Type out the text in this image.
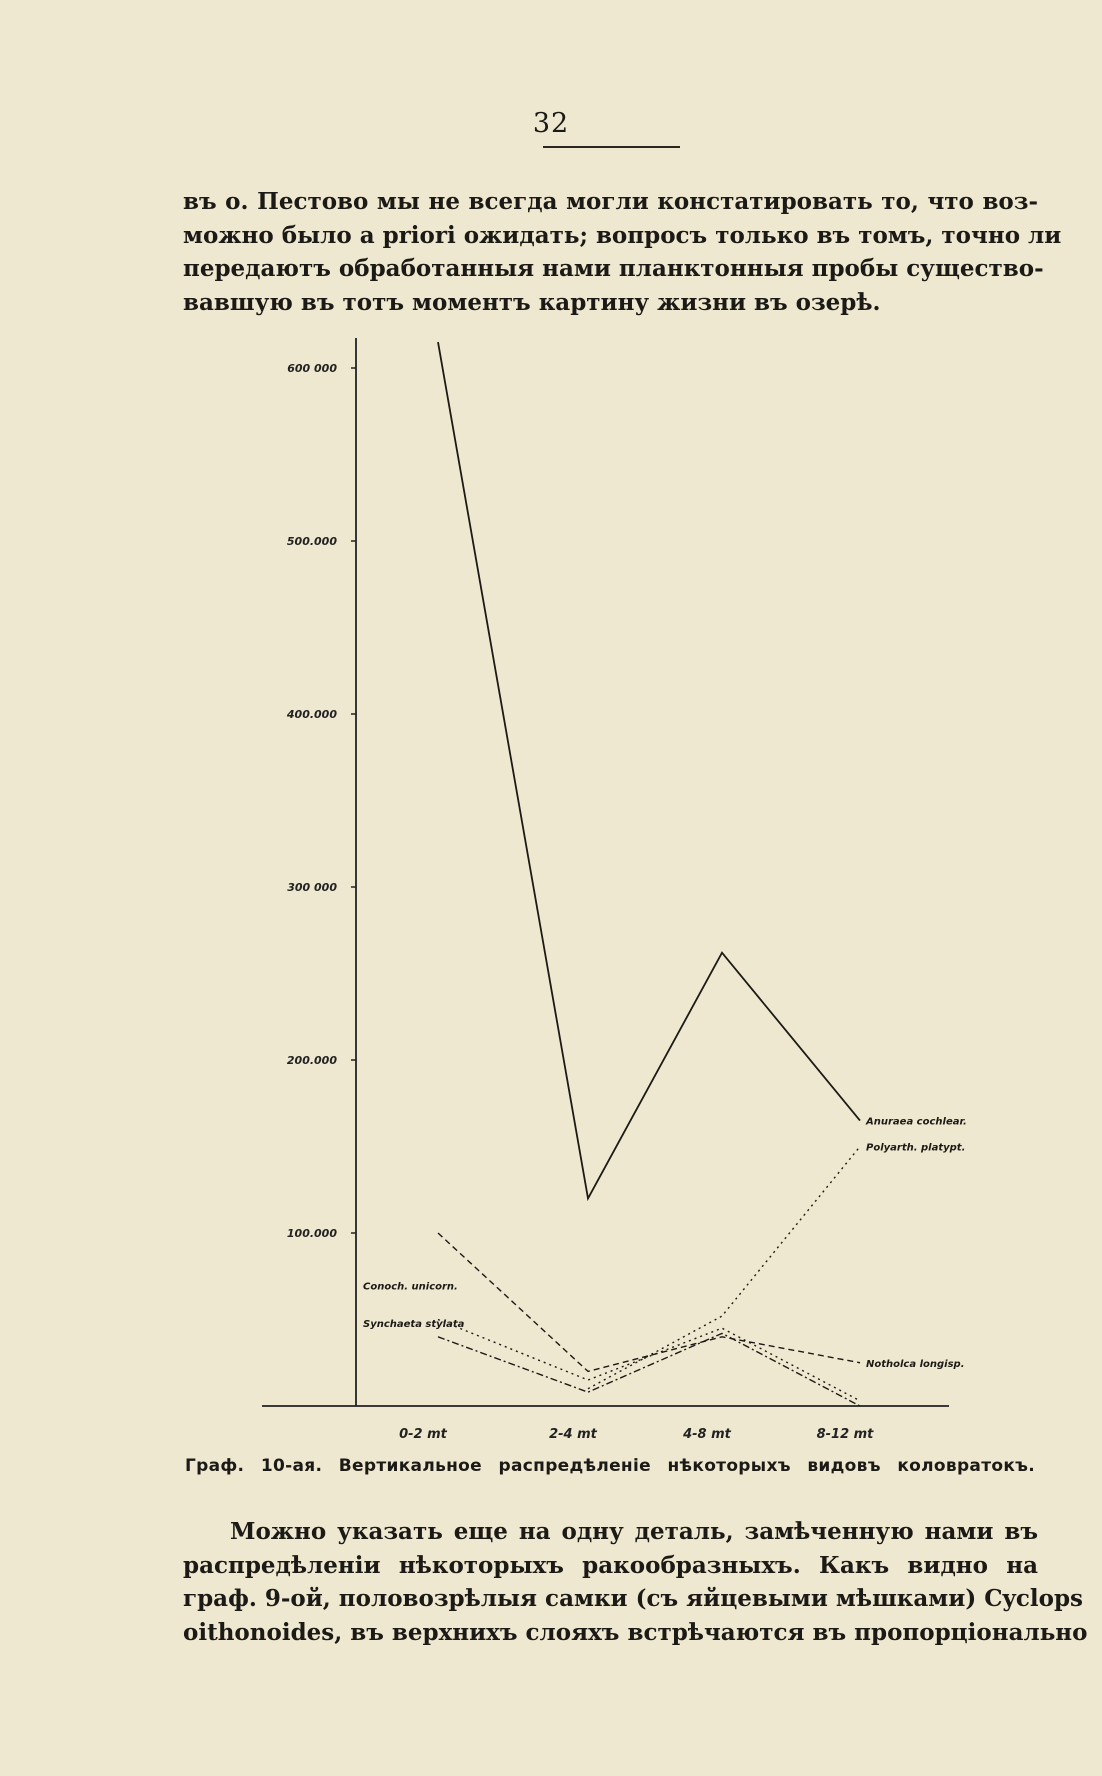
32
въ о. Пестово мы не всегда могли констатировать то, что воз-
можно было a priori ожидать; вопросъ только въ томъ, точно ли
передаютъ обработанныя нами планктонныя пробы существо-
вавшую въ тотъ моментъ картину жизни въ озерѣ.
100.000
200.000
300 000
400.000
500.000
600 000
0-2 mt	2-4 mt	4-8 mt	8-12 mt
Anuraea cochlear.
Polyarth. platypt.
Notholca longisp.
Conoch. unicorn.
Synchaeta stylata
Граф. 10-ая. Вертикальное распредѣленіе нѣкоторыхъ видовъ коловратокъ.
Можно указать еще на одну деталь, замѣченную нами въ
распредѣленіи нѣкоторыхъ ракообразныхъ. Какъ видно на
граф. 9-ой, половозрѣлыя самки (съ яйцевыми мѣшками) Cyclops
oithonoides, въ верхнихъ слояхъ встрѣчаются въ пропорціонально
